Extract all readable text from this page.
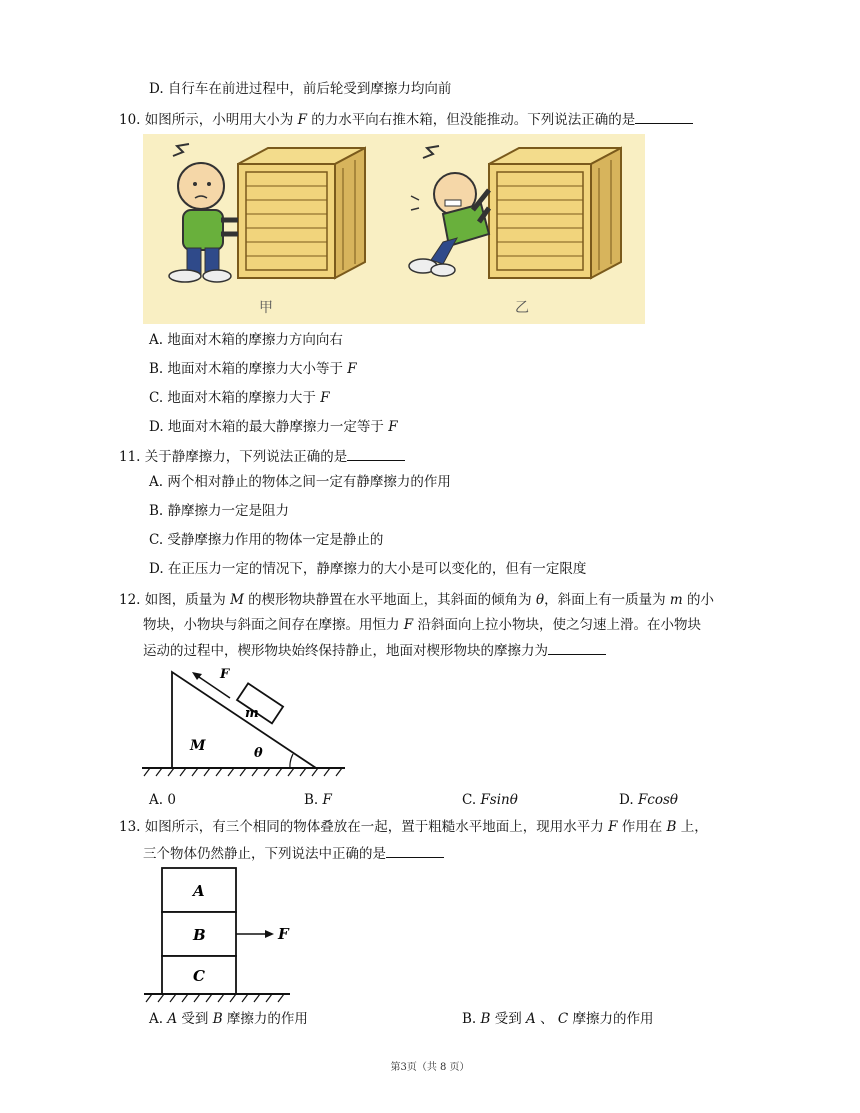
D. 自行车在前进过程中，前后轮受到摩擦力均向前
10. 如图所示，小明用大小为 F 的力水平向右推木箱，但没能推动。下列说法正确的是
甲	乙
A. 地面对木箱的摩擦力方向向右
B. 地面对木箱的摩擦力大小等于 F
C. 地面对木箱的摩擦力大于 F
D. 地面对木箱的最大静摩擦力一定等于 F
11. 关于静摩擦力，下列说法正确的是
A. 两个相对静止的物体之间一定有静摩擦力的作用
B. 静摩擦力一定是阻力
C. 受静摩擦力作用的物体一定是静止的
D. 在正压力一定的情况下，静摩擦力的大小是可以变化的，但有一定限度
12. 如图，质量为 M 的楔形物块静置在水平地面上，其斜面的倾角为 θ，斜面上有一质量为 m 的小
物块，小物块与斜面之间存在摩擦。用恒力 F 沿斜面向上拉小物块，使之匀速上滑。在小物块
运动的过程中，楔形物块始终保持静止，地面对楔形物块的摩擦力为
m
F
M	θ
A. 0	B. F	C. Fsinθ	D. Fcosθ
13. 如图所示，有三个相同的物体叠放在一起，置于粗糙水平地面上，现用水平力 F 作用在 B 上，
三个物体仍然静止，下列说法中正确的是
A
B
C
F
A. A 受到 B 摩擦力的作用	B. B 受到 A 、 C 摩擦力的作用
第3页（共 8 页）
